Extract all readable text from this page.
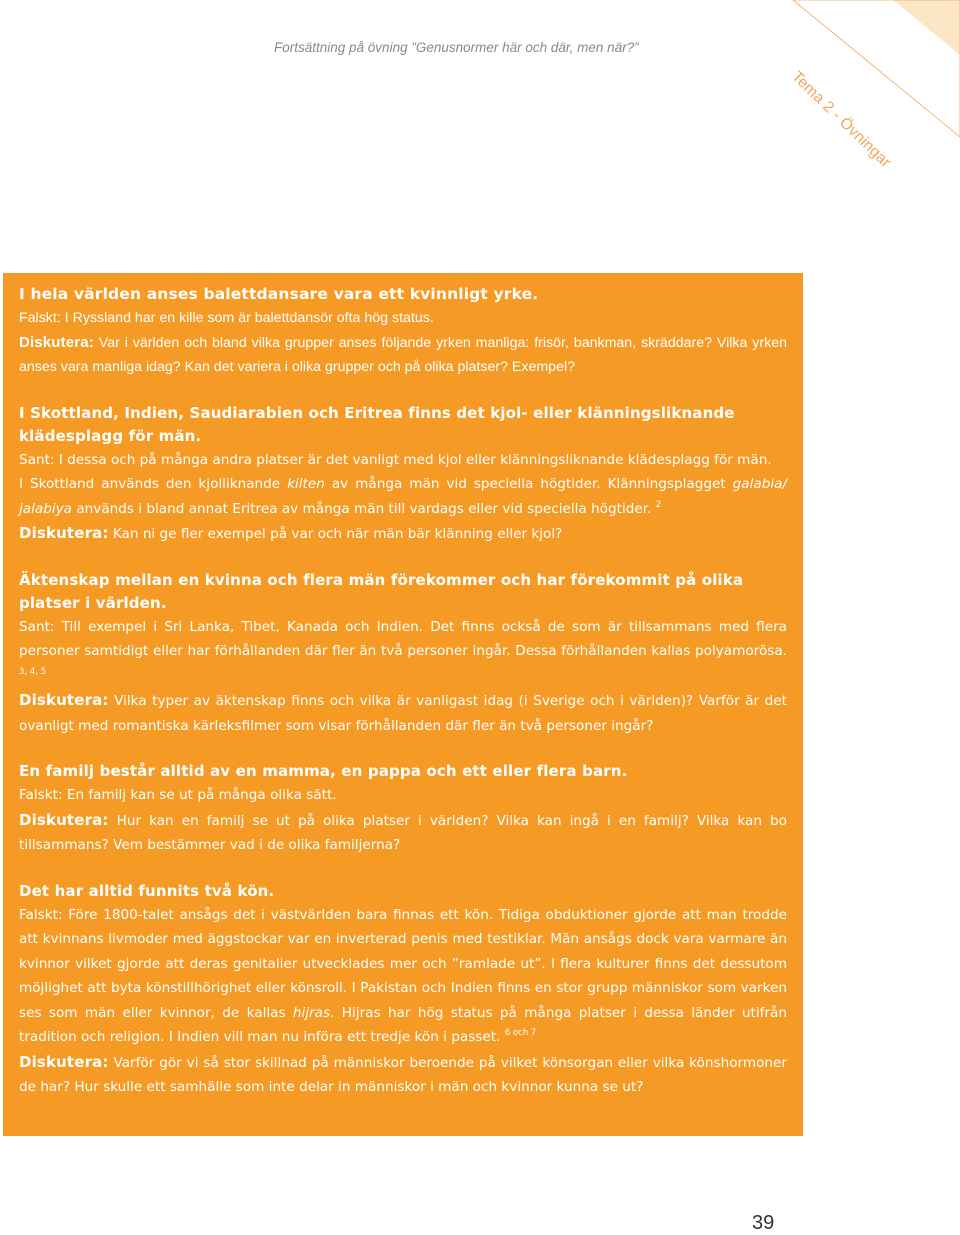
Fortsättning på övning ”Genusnormer här och där, men när?”
Tema 2 - Övningar

I hela världen anses balettdansare vara ett kvinnligt yrke.

Falskt: I Ryssland har en kille som är balettdansör ofta hög status.

Diskutera: Var i världen och bland vilka grupper anses följande yrken manliga: frisör, bankman, skräddare? Vilka yrken anses vara manliga idag? Kan det variera i olika grupper och på olika platser? Exempel?

I Skottland, Indien, Saudiarabien och Eritrea finns det kjol- eller klänningsliknande klädesplagg för män.

Sant: I dessa och på många andra platser är det vanligt med kjol eller klänningsliknande klädesplagg för män.

I Skottland används den kjolliknande kilten av många män vid speciella högtider. Klänningsplagget galabia/ jalabiya används i bland annat Eritrea av många män till vardags eller vid speciella högtider. $^2$

Diskutera: Kan ni ge fler exempel på var och när män bär klänning eller kjol?

Äktenskap mellan en kvinna och flera män förekommer och har förekommit på olika platser i världen.

Sant: Till exempel i Sri Lanka, Tibet, Kanada och Indien. Det finns också de som är tillsammans med flera personer samtidigt eller har förhållanden där fler än två personer ingår. Dessa förhållanden kallas polyamorösa. $^{3, 4, 5}$

Diskutera: Vilka typer av äktenskap finns och vilka är vanligast idag (i Sverige och i världen)? Varför är det ovanligt med romantiska kärleksfilmer som visar förhållanden där fler än två personer ingår?

En familj består alltid av en mamma, en pappa och ett eller flera barn.

Falskt: En familj kan se ut på många olika sätt.

Diskutera: Hur kan en familj se ut på olika platser i världen? Vilka kan ingå i en familj? Vilka kan bo tillsammans? Vem bestämmer vad i de olika familjerna?

Det har alltid funnits två kön.

Falskt: Före 1800-talet ansågs det i västvärlden bara finnas ett kön. Tidiga obduktioner gjorde att man trodde att kvinnans livmoder med äggstockar var en inverterad penis med testiklar. Män ansågs dock vara varmare än kvinnor vilket gjorde att deras genitalier utvecklades mer och ”ramlade ut”. I flera kulturer finns det dessutom möjlighet att byta könstillhörighet eller könsroll. I Pakistan och Indien finns en stor grupp människor som varken ses som män eller kvinnor, de kallas hijras. Hijras har hög status på många platser i dessa länder utifrån tradition och religion. I Indien vill man nu införa ett tredje kön i passet. $^{6 och 7}$

Diskutera: Varför gör vi så stor skillnad på människor beroende på vilket könsorgan eller vilka könshormoner de har? Hur skulle ett samhälle som inte delar in människor i män och kvinnor kunna se ut?

39
